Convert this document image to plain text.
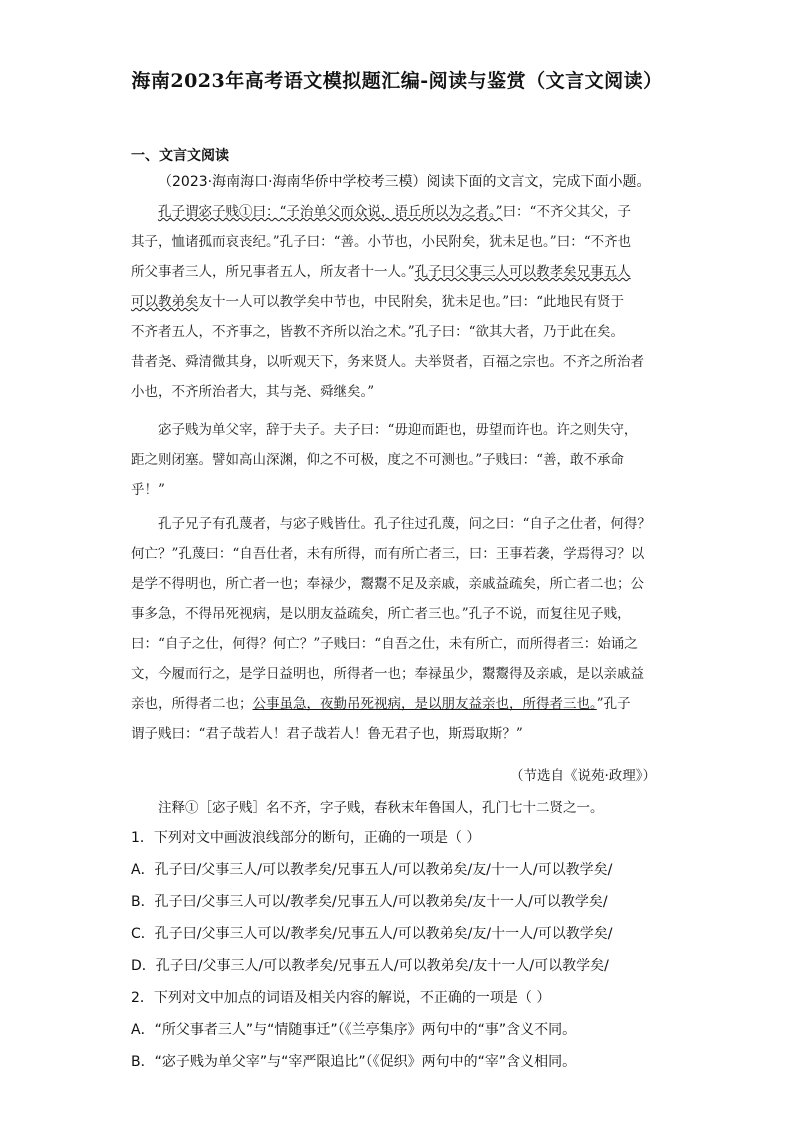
海南2023年高考语文模拟题汇编-阅读与鉴赏（文言文阅读）
一、文言文阅读
（2023·海南海口·海南华侨中学校考三模）阅读下面的文言文，完成下面小题。
孔子谓宓子贱①曰：“子治单父而众说，语丘所以为之者。”曰：“不齐父其父，子
其子，恤诸孤而哀丧纪。”孔子曰：“善。小节也，小民附矣，犹未足也。”曰：“不齐也
所父事者三人，所兄事者五人，所友者十一人。”孔子曰父事三人可以教孝矣兄事五人
可以教弟矣友十一人可以教学矣中节也，中民附矣，犹未足也。”曰：“此地民有贤于
不齐者五人，不齐事之，皆教不齐所以治之术。”孔子曰：“欲其大者，乃于此在矣。
昔者尧、舜清微其身，以听观天下，务来贤人。夫举贤者，百福之宗也。不齐之所治者
小也，不齐所治者大，其与尧、舜继矣。”
宓子贱为单父宰，辞于夫子。夫子曰：“毋迎而距也，毋望而许也。许之则失守，
距之则闭塞。譬如高山深渊，仰之不可极，度之不可测也。”子贱曰：“善，敢不承命
乎！”
孔子兄子有孔蔑者，与宓子贱皆仕。孔子往过孔蔑，问之曰：“自子之仕者，何得？
何亡？”孔蔑曰：“自吾仕者，未有所得，而有所亡者三，曰：王事若袭，学焉得习？以
是学不得明也，所亡者一也；奉禄少，鬻鬻不足及亲戚，亲戚益疏矣，所亡者二也；公
事多急，不得吊死视病，是以朋友益疏矣，所亡者三也。”孔子不说，而复往见子贱，
曰：“自子之仕，何得？何亡？”子贱曰：“自吾之仕，未有所亡，而所得者三：始诵之
文，今履而行之，是学日益明也，所得者一也；奉禄虽少，鬻鬻得及亲戚，是以亲戚益
亲也，所得者二也；公事虽急，夜勤吊死视病，是以朋友益亲也，所得者三也。”孔子
谓子贱曰：“君子哉若人！君子哉若人！鲁无君子也，斯焉取斯？”
（节选自《说苑·政理》）
注释①［宓子贱］名不齐，字子贱，春秋末年鲁国人，孔门七十二贤之一。
1．下列对文中画波浪线部分的断句，正确的一项是（ ）
A．孔子曰/父事三人/可以教孝矣/兄事五人/可以教弟矣/友/十一人/可以教学矣/
B．孔子曰/父事三人可以/教孝矣/兄事五人/可以教弟矣/友十一人/可以教学矣/
C．孔子曰/父事三人可以/教孝矣/兄事五人/可以教弟矣/友/十一人/可以教学矣/
D．孔子曰/父事三人/可以教孝矣/兄事五人/可以教弟矣/友十一人/可以教学矣/
2．下列对文中加点的词语及相关内容的解说，不正确的一项是（ ）
A．“所父事者三人”与“情随事迁”（《兰亭集序》两句中的“事”含义不同。
B．“宓子贱为单父宰”与“宰严限追比”（《促织》两句中的“宰”含义相同。
